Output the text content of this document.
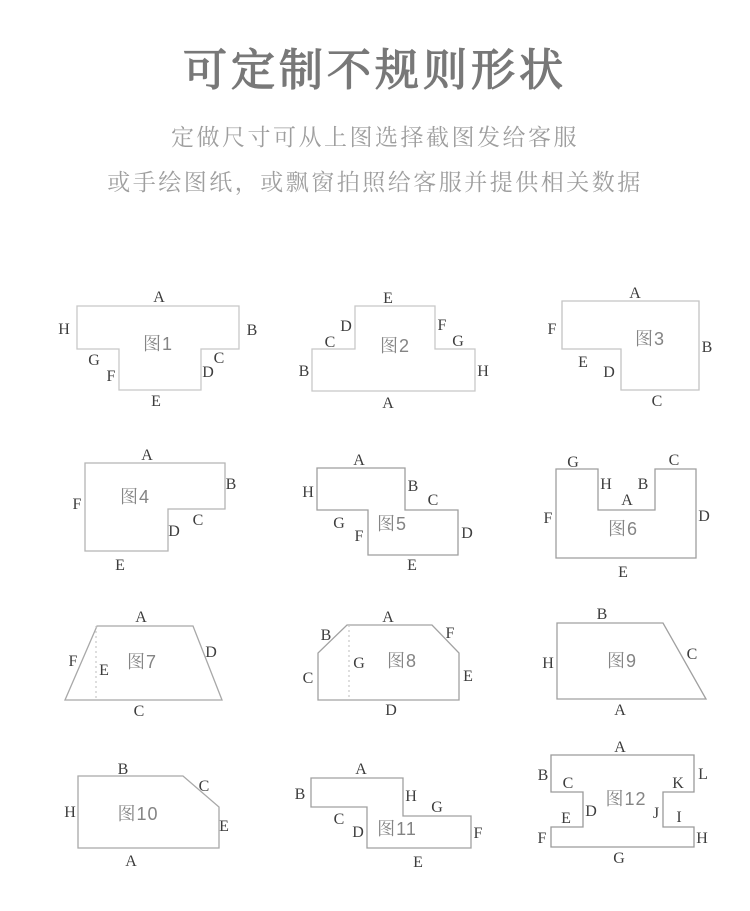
可定制不规则形状

定做尺寸可从上图选择截图发给客服

或手绘图纸，或飘窗拍照给客服并提供相关数据

图1
A
H	B
G	C
F	D
E
图2
E
D	F
C	G
B	H
A
图3
A
F
B
E
D
C
图4
A
B
F
C
D
E
图5
A
H	B
C
G
F	D
E
图6
G	C
H B
A
F	D
E
图7
A
F
E
D
C
图8
A
B	F
G
C	E
D
图9
B
H
C
A
图10
B
C
H
E
A
图11
A
B	H
G
C
D	F
E
图12
A
B C	K
L
D	J
E	I
F	H
G
